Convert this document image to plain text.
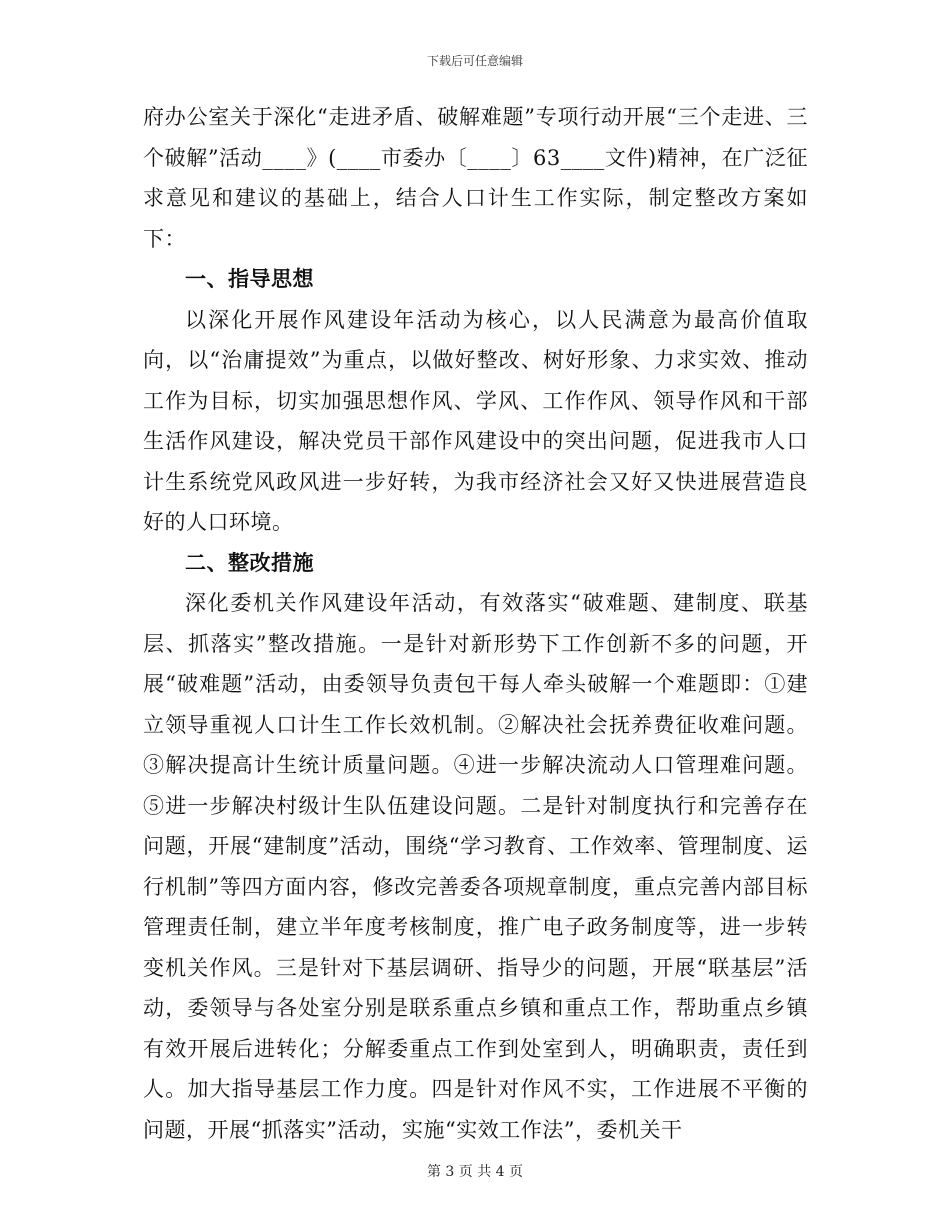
下载后可任意编辑

府办公室关于深化“走进矛盾、破解难题”专项行动开展“三个走进、三个破解”活动____》(____市委办〔____〕63____文件)精神，在广泛征求意见和建议的基础上，结合人口计生工作实际，制定整改方案如下：

一、指导思想

以深化开展作风建设年活动为核心，以人民满意为最高价值取向，以“治庸提效”为重点，以做好整改、树好形象、力求实效、推动工作为目标，切实加强思想作风、学风、工作作风、领导作风和干部生活作风建设，解决党员干部作风建设中的突出问题，促进我市人口计生系统党风政风进一步好转，为我市经济社会又好又快进展营造良好的人口环境。

二、整改措施

深化委机关作风建设年活动，有效落实“破难题、建制度、联基层、抓落实”整改措施。一是针对新形势下工作创新不多的问题，开展“破难题”活动，由委领导负责包干每人牵头破解一个难题即：①建立领导重视人口计生工作长效机制。②解决社会抚养费征收难问题。③解决提高计生统计质量问题。④进一步解决流动人口管理难问题。⑤进一步解决村级计生队伍建设问题。二是针对制度执行和完善存在问题，开展“建制度”活动，围绕“学习教育、工作效率、管理制度、运行机制”等四方面内容，修改完善委各项规章制度，重点完善内部目标管理责任制，建立半年度考核制度，推广电子政务制度等，进一步转变机关作风。三是针对下基层调研、指导少的问题，开展“联基层”活动，委领导与各处室分别是联系重点乡镇和重点工作，帮助重点乡镇有效开展后进转化；分解委重点工作到处室到人，明确职责，责任到人。加大指导基层工作力度。四是针对作风不实，工作进展不平衡的问题，开展“抓落实”活动，实施“实效工作法”，委机关干

第 3 页 共 4 页
